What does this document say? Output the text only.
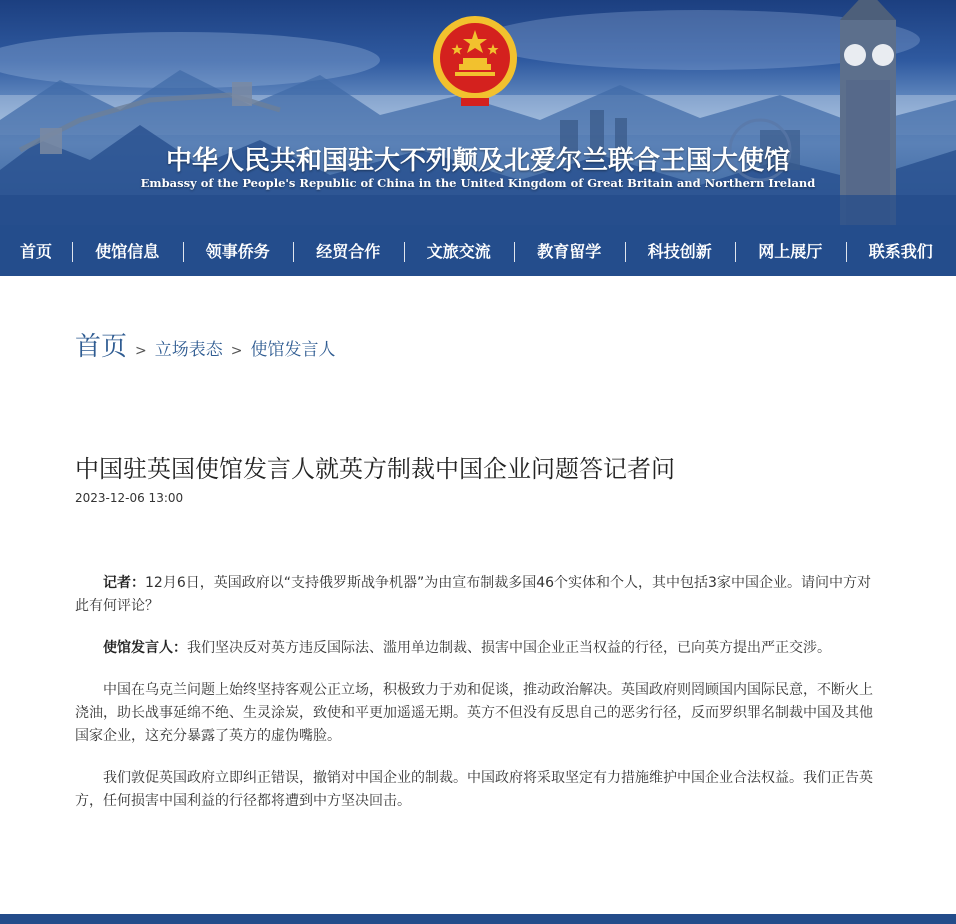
中华人民共和国驻大不列颠及北爱尔兰联合王国大使馆
Embassy of the People's Republic of China in the United Kingdom of Great Britain and Northern Ireland
首页	使馆信息	领事侨务	经贸合作	文旅交流	教育留学	科技创新	网上展厅	联系我们
首页 > 立场表态 > 使馆发言人
中国驻英国使馆发言人就英方制裁中国企业问题答记者问
2023-12-06 13:00

记者：12月6日，英国政府以“支持俄罗斯战争机器”为由宣布制裁多国46个实体和个人，其中包括3家中国企业。请问中方对此有何评论？

使馆发言人：我们坚决反对英方违反国际法、滥用单边制裁、损害中国企业正当权益的行径，已向英方提出严正交涉。

中国在乌克兰问题上始终坚持客观公正立场，积极致力于劝和促谈，推动政治解决。英国政府则罔顾国内国际民意，不断火上浇油，助长战事延绵不绝、生灵涂炭，致使和平更加遥遥无期。英方不但没有反思自己的恶劣行径，反而罗织罪名制裁中国及其他国家企业，这充分暴露了英方的虚伪嘴脸。

我们敦促英国政府立即纠正错误，撤销对中国企业的制裁。中国政府将采取坚定有力措施维护中国企业合法权益。我们正告英方，任何损害中国利益的行径都将遭到中方坚决回击。
